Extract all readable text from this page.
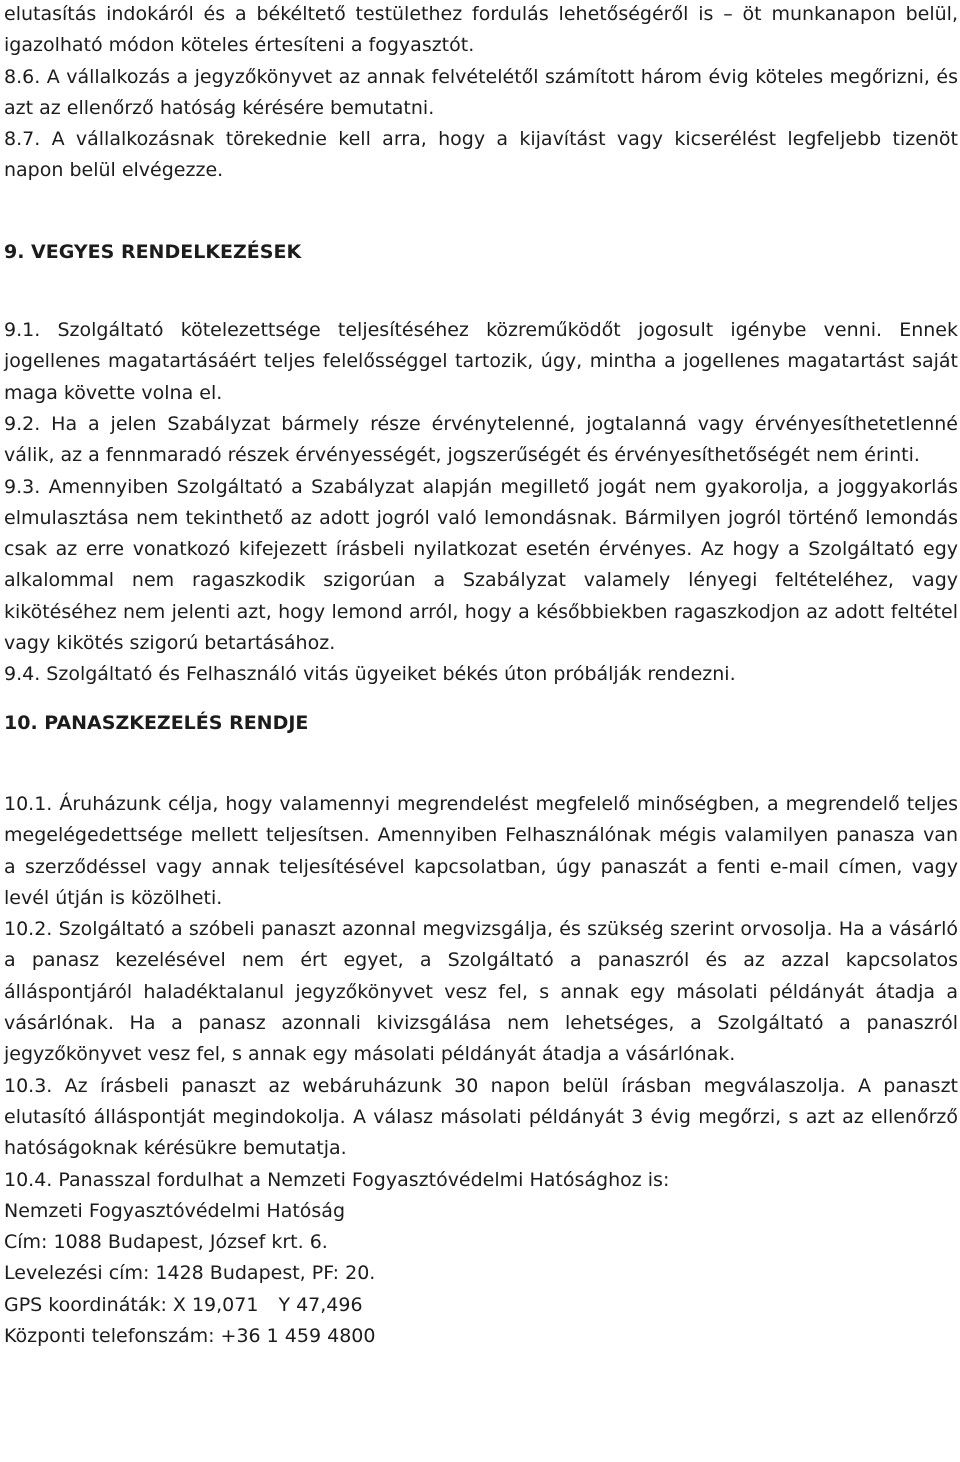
elutasítás indokáról és a békéltető testülethez fordulás lehetőségéről is – öt munkanapon belül, igazolható módon köteles értesíteni a fogyasztót.

8.6. A vállalkozás a jegyzőkönyvet az annak felvételétől számított három évig köteles megőrizni, és azt az ellenőrző hatóság kérésére bemutatni.

8.7. A vállalkozásnak törekednie kell arra, hogy a kijavítást vagy kicserélést legfeljebb tizenöt napon belül elvégezze.

9. VEGYES RENDELKEZÉSEK

9.1. Szolgáltató kötelezettsége teljesítéséhez közreműködőt jogosult igénybe venni. Ennek jogellenes magatartásáért teljes felelősséggel tartozik, úgy, mintha a jogellenes magatartást saját maga követte volna el.

9.2. Ha a jelen Szabályzat bármely része érvénytelenné, jogtalanná vagy érvényesíthetetlenné válik, az a fennmaradó részek érvényességét, jogszerűségét és érvényesíthetőségét nem érinti.

9.3. Amennyiben Szolgáltató a Szabályzat alapján megillető jogát nem gyakorolja, a joggyakorlás elmulasztása nem tekinthető az adott jogról való lemondásnak. Bármilyen jogról történő lemondás csak az erre vonatkozó kifejezett írásbeli nyilatkozat esetén érvényes. Az hogy a Szolgáltató egy alkalommal nem ragaszkodik szigorúan a Szabályzat valamely lényegi feltételéhez, vagy kikötéséhez nem jelenti azt, hogy lemond arról, hogy a későbbiekben ragaszkodjon az adott feltétel vagy kikötés szigorú betartásához.

9.4. Szolgáltató és Felhasználó vitás ügyeiket békés úton próbálják rendezni.

10. PANASZKEZELÉS RENDJE

10.1. Áruházunk célja, hogy valamennyi megrendelést megfelelő minőségben, a megrendelő teljes megelégedettsége mellett teljesítsen. Amennyiben Felhasználónak mégis valamilyen panasza van a szerződéssel vagy annak teljesítésével kapcsolatban, úgy panaszát a fenti e-mail címen, vagy levél útján is közölheti.

10.2. Szolgáltató a szóbeli panaszt azonnal megvizsgálja, és szükség szerint orvosolja. Ha a vásárló a panasz kezelésével nem ért egyet, a Szolgáltató a panaszról és az azzal kapcsolatos álláspontjáról haladéktalanul jegyzőkönyvet vesz fel, s annak egy másolati példányát átadja a vásárlónak. Ha a panasz azonnali kivizsgálása nem lehetséges, a Szolgáltató a panaszról jegyzőkönyvet vesz fel, s annak egy másolati példányát átadja a vásárlónak.

10.3. Az írásbeli panaszt az webáruházunk 30 napon belül írásban megválaszolja. A panaszt elutasító álláspontját megindokolja. A válasz másolati példányát 3 évig megőrzi, s azt az ellenőrző hatóságoknak kérésükre bemutatja.

10.4. Panasszal fordulhat a Nemzeti Fogyasztóvédelmi Hatósághoz is:

Nemzeti Fogyasztóvédelmi Hatóság

Cím: 1088 Budapest, József krt. 6.

Levelezési cím: 1428 Budapest, PF: 20.

GPS koordináták: X 19,071 Y 47,496

Központi telefonszám: +36 1 459 4800
